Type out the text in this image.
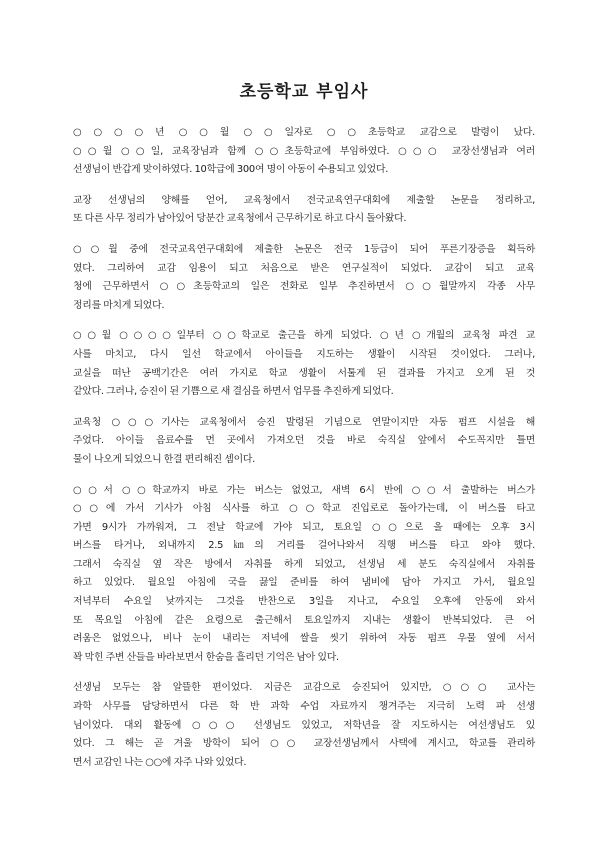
초등학교 부임사
○○○○년 ○○월 ○○일자로 ○○초등학교 교감으로 발령이 났다.
○○월 ○○일, 교육장님과 함께 ○○초등학교에 부임하였다. ○○○ 교장선생님과 여러
선생님이 반갑게 맞이하였다. 10학급에 300여 명이 아동이 수용되고 있었다.
교장 선생님의 양해를 얻어, 교육청에서 전국교육연구대회에 제출할 논문을 정리하고,
또 다른 사무 정리가 남아있어 당분간 교육청에서 근무하기로 하고 다시 돌아왔다.
○○월 중에 전국교육연구대회에 제출한 논문은 전국 1등급이 되어 푸른기장증을 획득하
였다. 그리하여 교감 임용이 되고 처음으로 받은 연구실적이 되었다. 교감이 되고 교육
청에 근무하면서 ○○초등학교의 일은 전화로 일부 추진하면서 ○○월말까지 각종 사무
정리를 마치게 되었다.
○○월 ○○○○일부터 ○○학교로 출근을 하게 되었다. ○년 ○개월의 교육청 파견 교
사를 마치고, 다시 일선 학교에서 아이들을 지도하는 생활이 시작된 것이었다. 그러나,
교실을 떠난 공백기간은 여러 가지로 학교 생활이 서툴게 된 결과를 가지고 오게 된 것
같았다. 그러나, 승진이 된 기쁨으로 새 결심을 하면서 업무를 추진하게 되었다.
교육청 ○○○기사는 교육청에서 승진 발령된 기념으로 연말이지만 자동 펌프 시설을 해
주었다. 아이들 음료수를 먼 곳에서 가져오던 것을 바로 숙직실 앞에서 수도꼭지만 틀면
물이 나오게 되었으니 한결 편리해진 셈이다.
○○서 ○○학교까지 바로 가는 버스는 없었고, 새벽 6시 반에 ○○서 출발하는 버스가
○○에 가서 기사가 아침 식사를 하고 ○○학교 진입로로 돌아가는데, 이 버스를 타고
가면 9시가 가까워져, 그 전날 학교에 가야 되고, 토요일 ○○으로 올 때에는 오후 3시
버스를 타거나, 외내까지 2.5㎞의 거리를 걸어나와서 직행 버스를 타고 와야 했다.
그래서 숙직실 옆 작은 방에서 자취를 하게 되었고, 선생님 세 분도 숙직실에서 자취를
하고 있었다. 월요일 아침에 국을 끓일 준비를 하여 냄비에 담아 가지고 가서, 월요일
저녁부터 수요일 낮까지는 그것을 반찬으로 3일을 지나고, 수요일 오후에 안동에 와서
또 목요일 아침에 같은 요령으로 출근해서 토요일까지 지내는 생활이 반복되었다. 큰 어
려움은 없었으나, 비나 눈이 내리는 저녁에 쌀을 씻기 위하여 자동 펌프 우물 옆에 서서
꽉 막힌 주변 산들을 바라보면서 한숨을 흘리던 기억은 남아 있다.
선생님 모두는 참 알뜰한 편이었다. 지금은 교감으로 승진되어 있지만, ○○○ 교사는
과학 사무를 담당하면서 다른 학 반 과학 수업 자료까지 챙겨주는 지극히 노력 파 선생
님이었다. 대외 활동에 ○○○ 선생님도 있었고, 저학년을 잘 지도하시는 여선생님도 있
었다. 그 해는 곧 겨울 방학이 되어 ○○ 교장선생님께서 사택에 계시고, 학교를 관리하
면서 교감인 나는 ○○에 자주 나와 있었다.
